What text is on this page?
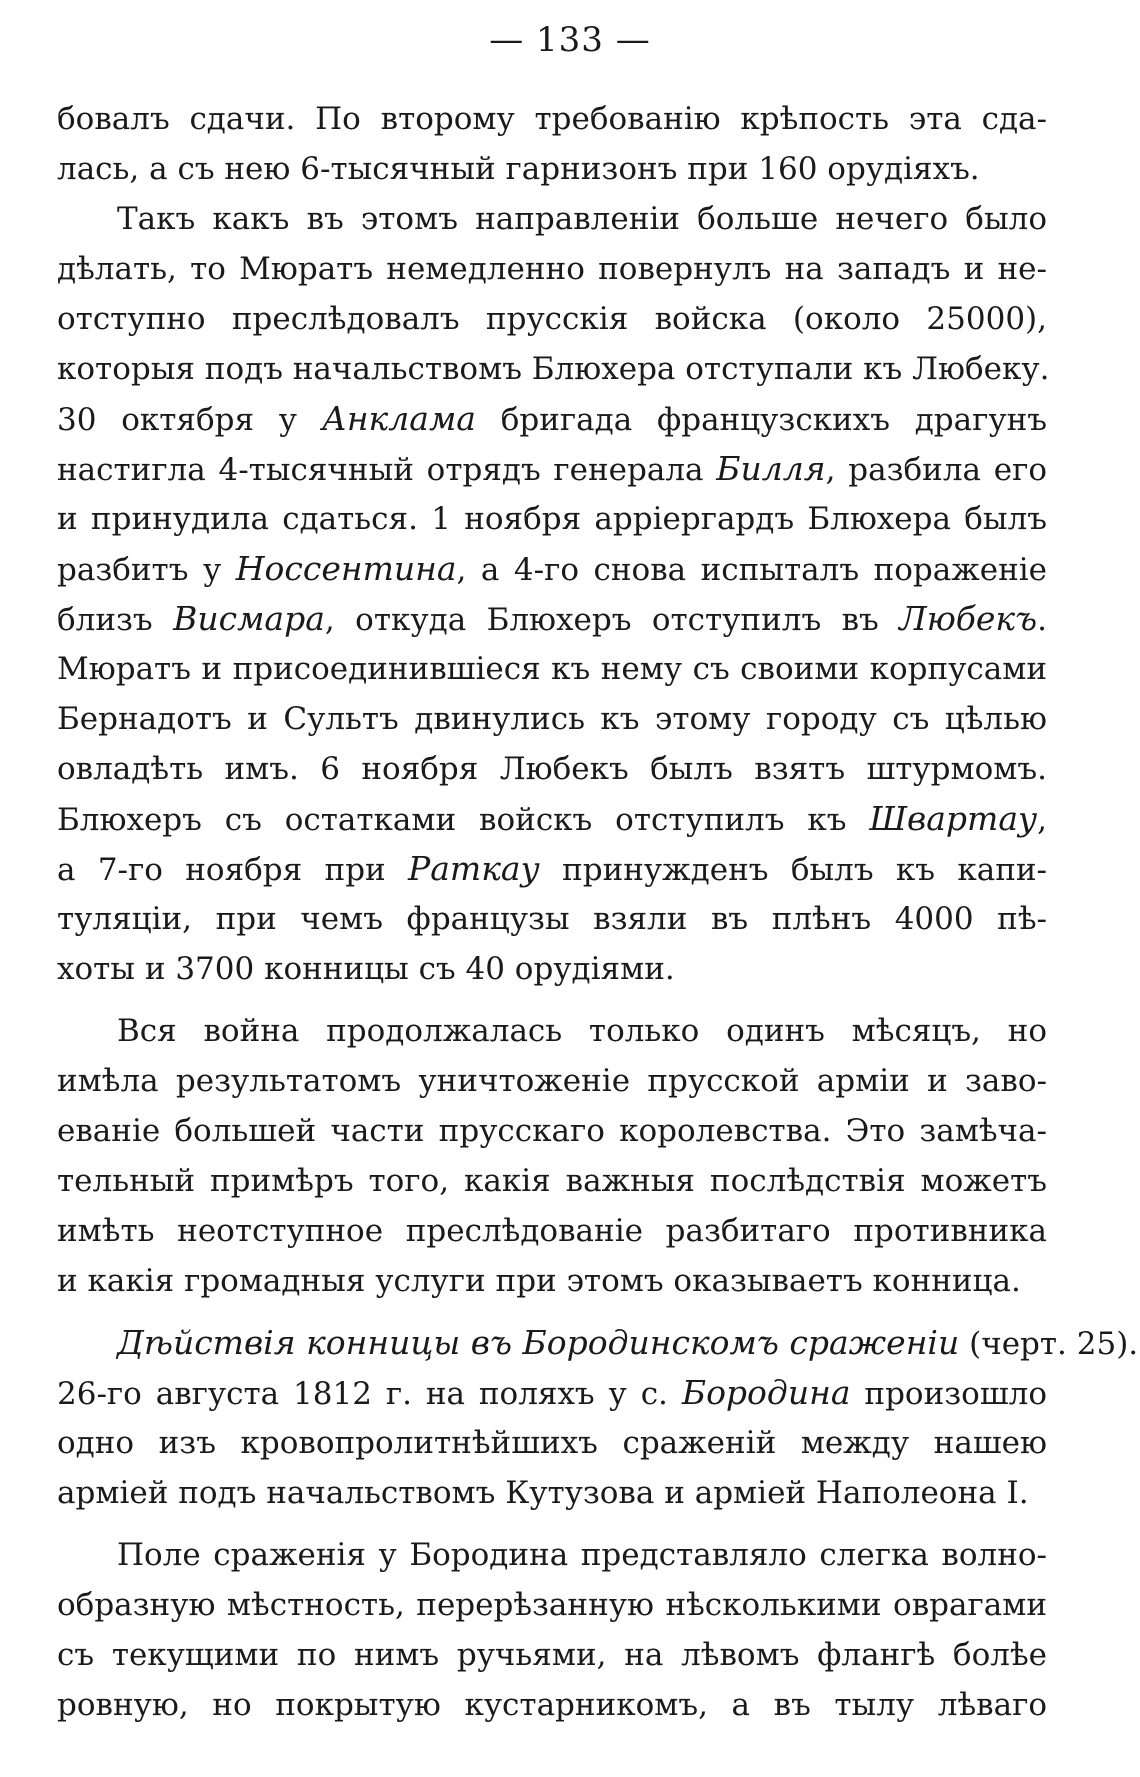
— 133 —
бовалъ сдачи. По второму требованію крѣпость эта сда-
лась, а съ нею 6-тысячный гарнизонъ при 160 орудіяхъ.
Такъ какъ въ этомъ направленіи больше нечего было
дѣлать, то Мюратъ немедленно повернулъ на западъ и не-
отступно преслѣдовалъ прусскія войска (около 25000),
которыя подъ начальствомъ Блюхера отступали къ Любеку.
30 октября у Анклама бригада французскихъ драгунъ
настигла 4-тысячный отрядъ генерала Билля, разбила его
и принудила сдаться. 1 ноября арріергардъ Блюхера былъ
разбитъ у Носсентина, а 4-го снова испыталъ пораженіе
близъ Висмара, откуда Блюхеръ отступилъ въ Любекъ.
Мюратъ и присоединившіеся къ нему съ своими корпусами
Бернадотъ и Сультъ двинулись къ этому городу съ цѣлью
овладѣть имъ. 6 ноября Любекъ былъ взятъ штурмомъ.
Блюхеръ съ остатками войскъ отступилъ къ Швартау,
а 7-го ноября при Раткау принужденъ былъ къ капи-
туляціи, при чемъ французы взяли въ плѣнъ 4000 пѣ-
хоты и 3700 конницы съ 40 орудіями.
Вся война продолжалась только одинъ мѣсяцъ, но
имѣла результатомъ уничтоженіе прусской арміи и заво-
еваніе большей части прусскаго королевства. Это замѣча-
тельный примѣръ того, какія важныя послѣдствія можетъ
имѣть неотступное преслѣдованіе разбитаго противника
и какія громадныя услуги при этомъ оказываетъ конница.
Дѣйствія конницы въ Бородинскомъ сраженіи (черт. 25).
26-го августа 1812 г. на поляхъ у с. Бородина произошло
одно изъ кровопролитнѣйшихъ сраженій между нашею
арміей подъ начальствомъ Кутузова и арміей Наполеона I.
Поле сраженія у Бородина представляло слегка волно-
образную мѣстность, перерѣзанную нѣсколькими оврагами
съ текущими по нимъ ручьями, на лѣвомъ флангѣ болѣе
ровную, но покрытую кустарникомъ, а въ тылу лѣваго
